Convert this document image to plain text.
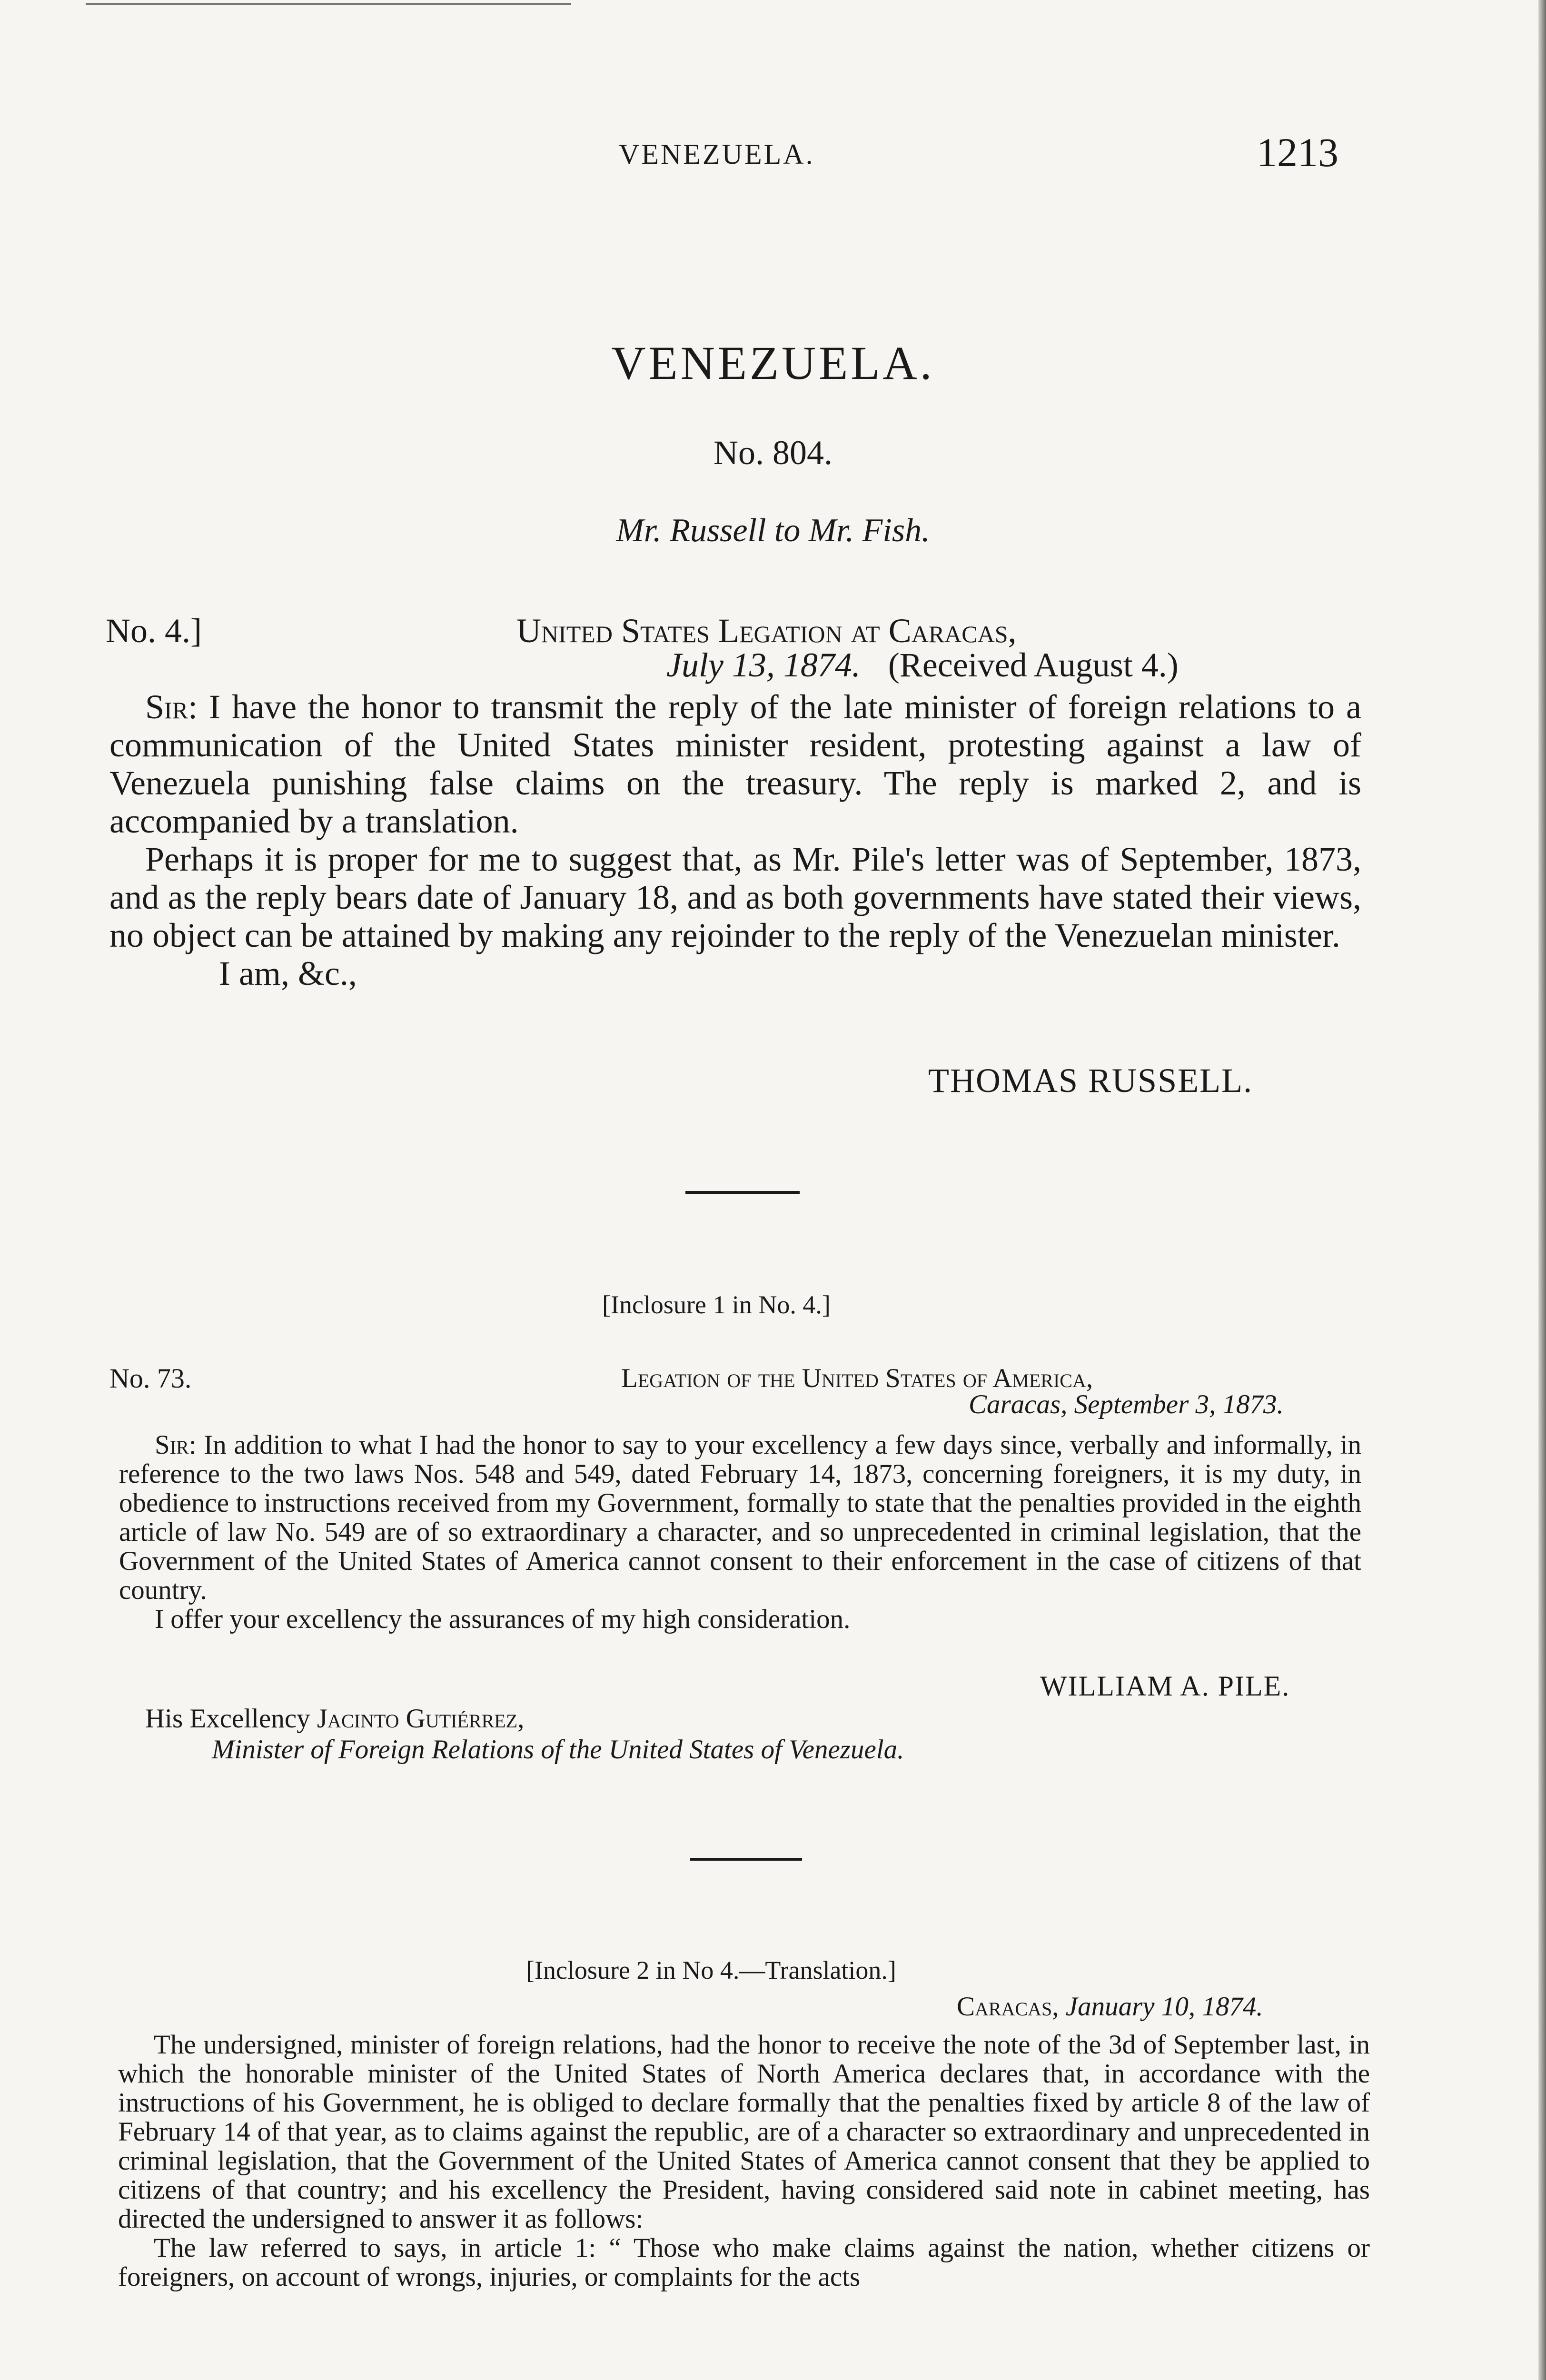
VENEZUELA.	1213
VENEZUELA.
No. 804.
Mr. Russell to Mr. Fish.
No. 4.]	United States Legation at Caracas,
July 13, 1874. (Received August 4.)

Sir: I have the honor to transmit the reply of the late minister of foreign relations to a communication of the United States minister resident, protesting against a law of Venezuela punishing false claims on the treasury. The reply is marked 2, and is accompanied by a translation.

Perhaps it is proper for me to suggest that, as Mr. Pile's letter was of September, 1873, and as the reply bears date of January 18, and as both governments have stated their views, no object can be attained by making any rejoinder to the reply of the Venezuelan minister.

I am, &c.,

THOMAS RUSSELL.
[Inclosure 1 in No. 4.]
No. 73.	Legation of the United States of America,
Caracas, September 3, 1873.

Sir: In addition to what I had the honor to say to your excellency a few days since, verbally and informally, in reference to the two laws Nos. 548 and 549, dated February 14, 1873, concerning foreigners, it is my duty, in obedience to instructions received from my Government, formally to state that the penalties provided in the eighth article of law No. 549 are of so extraordinary a character, and so unprecedented in criminal legislation, that the Government of the United States of America cannot consent to their enforcement in the case of citizens of that country.

I offer your excellency the assurances of my high consideration.

WILLIAM A. PILE.
His Excellency Jacinto Gutiérrez,
Minister of Foreign Relations of the United States of Venezuela.
[Inclosure 2 in No 4.—Translation.]
Caracas, January 10, 1874.

The undersigned, minister of foreign relations, had the honor to receive the note of the 3d of September last, in which the honorable minister of the United States of North America declares that, in accordance with the instructions of his Government, he is obliged to declare formally that the penalties fixed by article 8 of the law of February 14 of that year, as to claims against the republic, are of a character so extraordinary and unprecedented in criminal legislation, that the Government of the United States of America cannot consent that they be applied to citizens of that country; and his excellency the President, having considered said note in cabinet meeting, has directed the undersigned to answer it as follows:

The law referred to says, in article 1: “ Those who make claims against the nation, whether citizens or foreigners, on account of wrongs, injuries, or complaints for the acts
